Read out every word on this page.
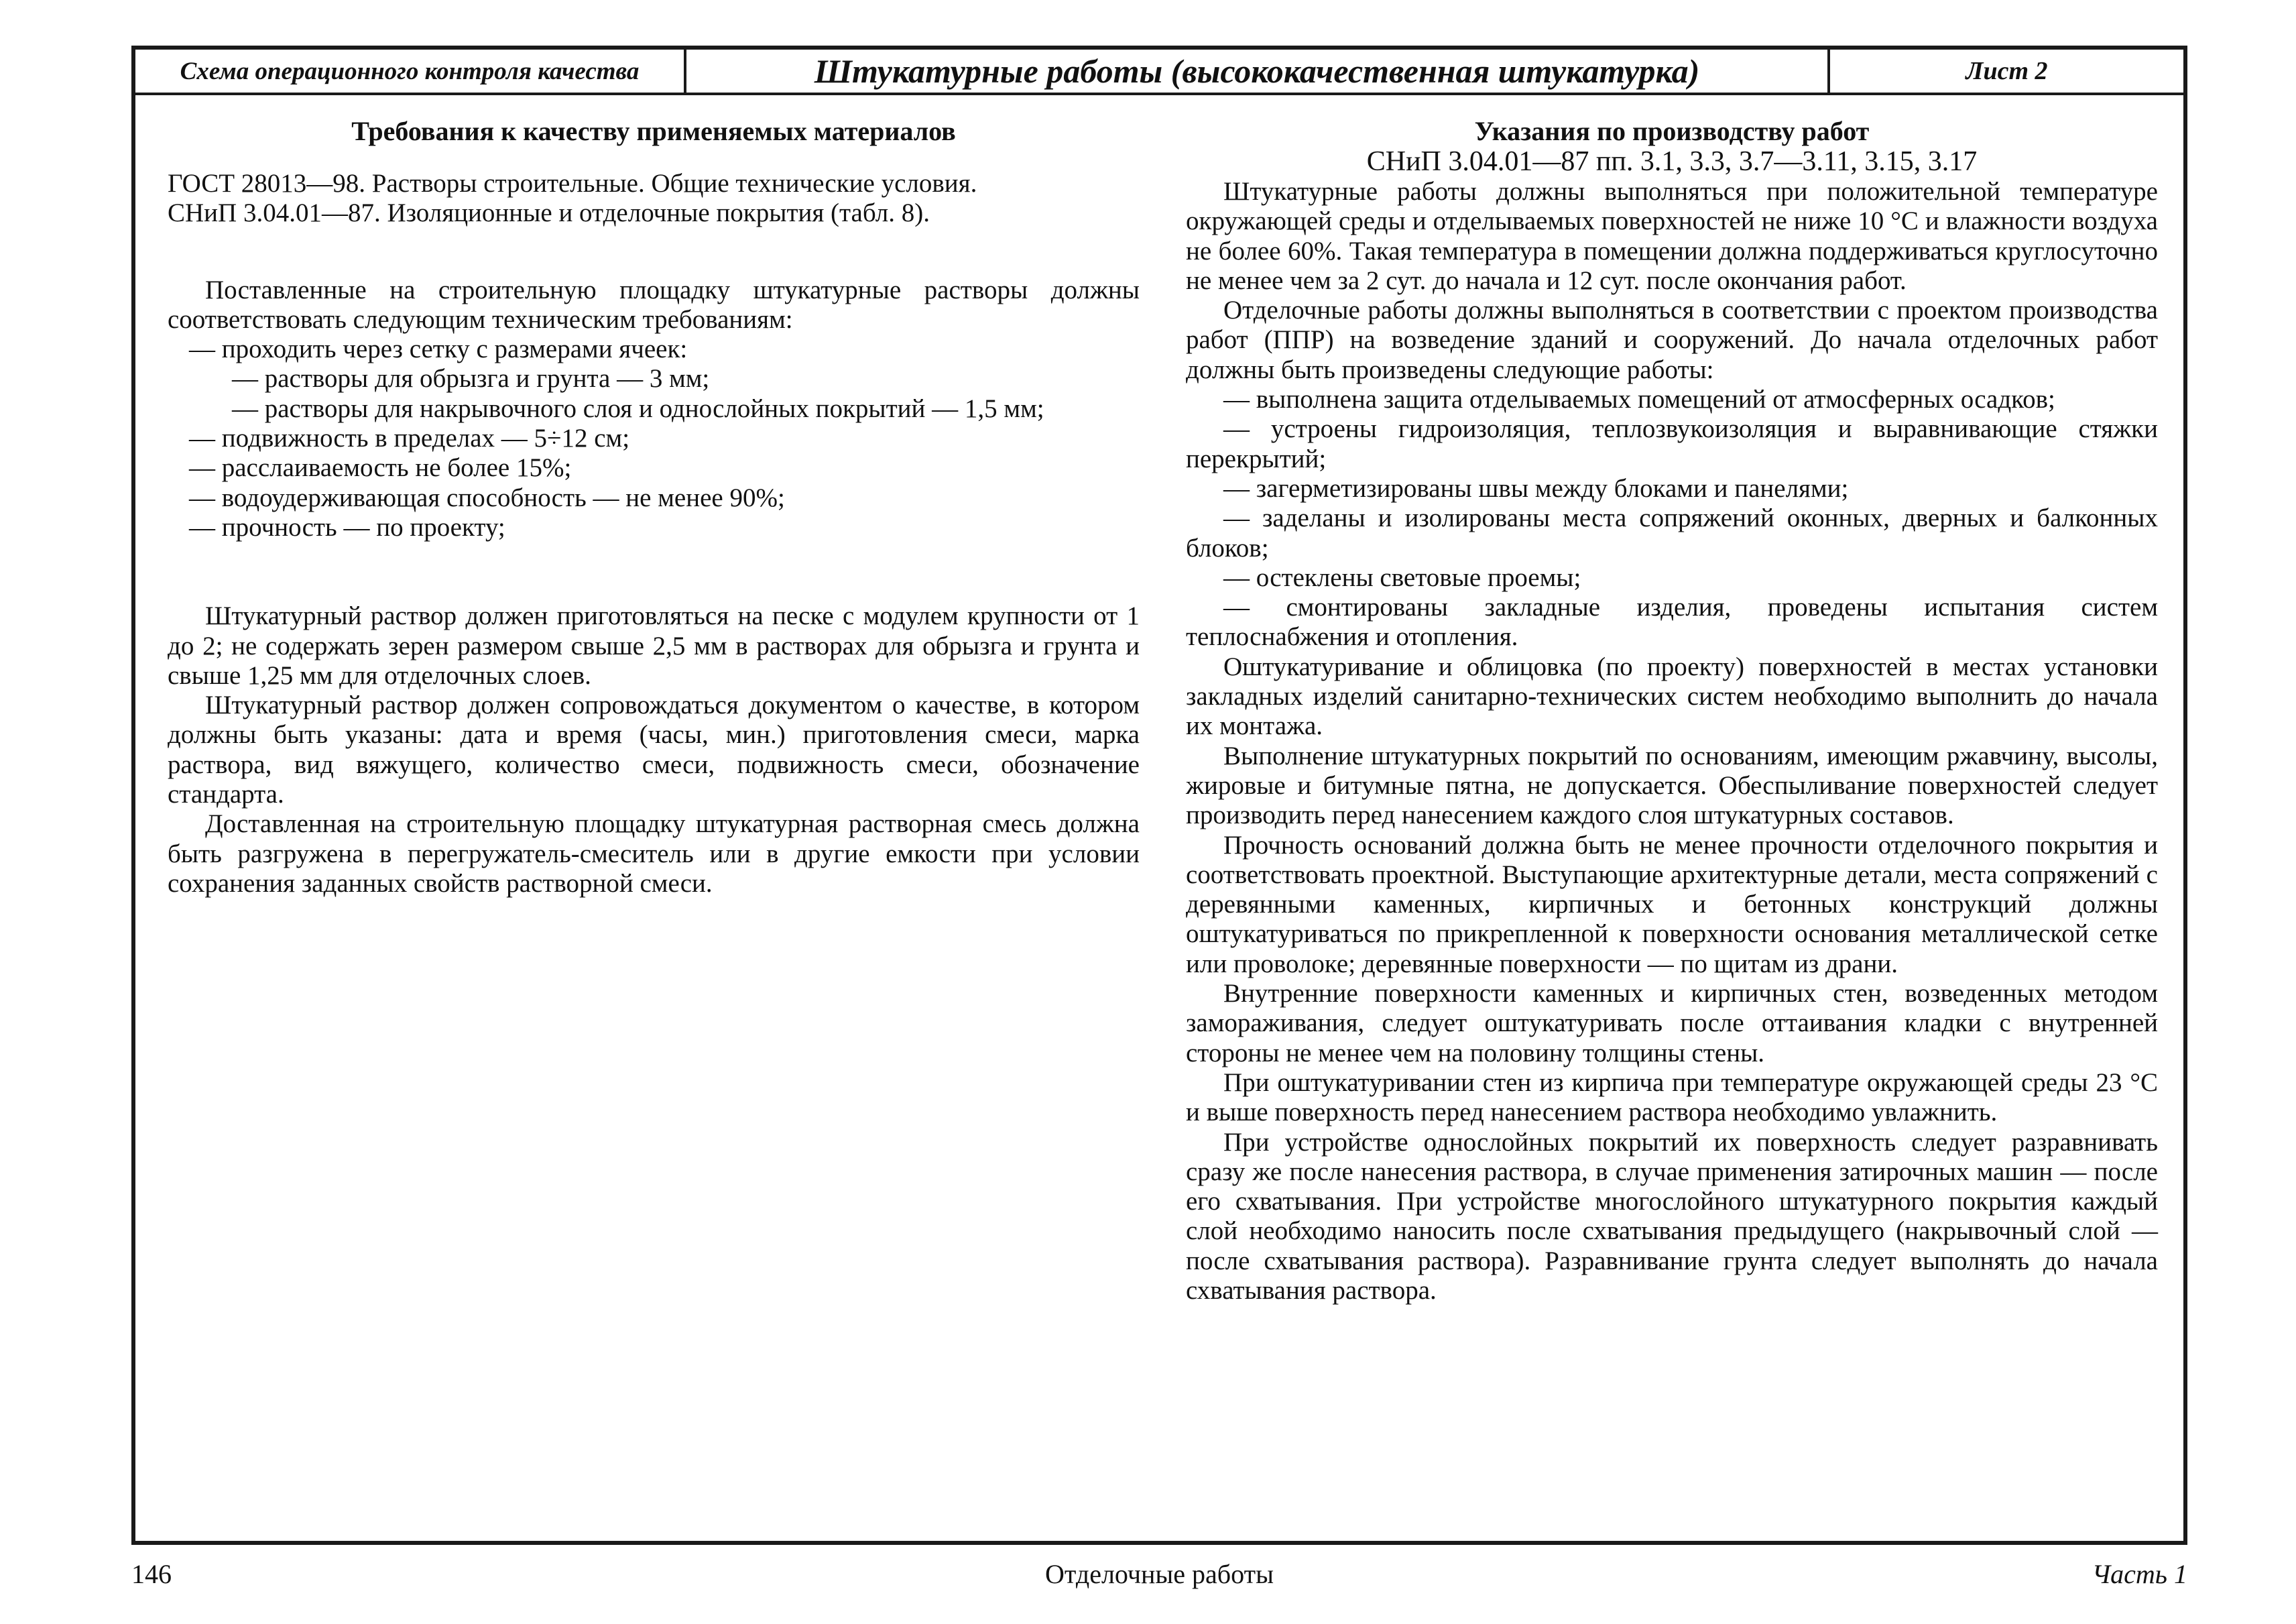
Схема операционного контроля качества	Штукатурные работы (высококачественная штукатурка)	Лист 2

Требования к качеству применяемых материалов

ГОСТ 28013—98. Растворы строительные. Общие технические условия.

СНиП 3.04.01—87. Изоляционные и отделочные покрытия (табл. 8).

Поставленные на строительную площадку штукатурные растворы должны соответствовать следующим техническим требованиям:

— проходить через сетку с размерами ячеек:
— растворы для обрызга и грунта — 3 мм;
— растворы для накрывочного слоя и однослойных покрытий — 1,5 мм;
— подвижность в пределах — 5÷12 см;
— расслаиваемость не более 15%;
— водоудерживающая способность — не менее 90%;
— прочность — по проекту;

Штукатурный раствор должен приготовляться на песке с модулем крупности от 1 до 2; не содержать зерен размером свыше 2,5 мм в растворах для обрызга и грунта и свыше 1,25 мм для отделочных слоев.

Штукатурный раствор должен сопровождаться документом о качестве, в котором должны быть указаны: дата и время (часы, мин.) приготовления смеси, марка раствора, вид вяжущего, количество смеси, подвижность смеси, обозначение стандарта.

Доставленная на строительную площадку штукатурная растворная смесь должна быть разгружена в перегружатель-смеситель или в другие емкости при условии сохранения заданных свойств растворной смеси.

Указания по производству работ

СНиП 3.04.01—87 пп. 3.1, 3.3, 3.7—3.11, 3.15, 3.17

Штукатурные работы должны выполняться при положительной температуре окружающей среды и отделываемых поверхностей не ниже 10 °С и влажности воздуха не более 60%. Такая температура в помещении должна поддерживаться круглосуточно не менее чем за 2 сут. до начала и 12 сут. после окончания работ.

Отделочные работы должны выполняться в соответствии с проектом производства работ (ППР) на возведение зданий и сооружений. До начала отделочных работ должны быть произведены следующие работы:

— выполнена защита отделываемых помещений от атмосферных осадков;
— устроены гидроизоляция, теплозвукоизоляция и выравнивающие стяжки перекрытий;
— загерметизированы швы между блоками и панелями;
— заделаны и изолированы места сопряжений оконных, дверных и балконных блоков;
— остеклены световые проемы;
— смонтированы закладные изделия, проведены испытания систем теплоснабжения и отопления.

Оштукатуривание и облицовка (по проекту) поверхностей в местах установки закладных изделий санитарно-технических систем необходимо выполнить до начала их монтажа.

Выполнение штукатурных покрытий по основаниям, имеющим ржавчину, высолы, жировые и битумные пятна, не допускается. Обеспыливание поверхностей следует производить перед нанесением каждого слоя штукатурных составов.

Прочность оснований должна быть не менее прочности отделочного покрытия и соответствовать проектной. Выступающие архитектурные детали, места сопряжений с деревянными каменных, кирпичных и бетонных конструкций должны оштукатуриваться по прикрепленной к поверхности основания металлической сетке или проволоке; деревянные поверхности — по щитам из драни.

Внутренние поверхности каменных и кирпичных стен, возведенных методом замораживания, следует оштукатуривать после оттаивания кладки с внутренней стороны не менее чем на половину толщины стены.

При оштукатуривании стен из кирпича при температуре окружающей среды 23 °С и выше поверхность перед нанесением раствора необходимо увлажнить.

При устройстве однослойных покрытий их поверхность следует разравнивать сразу же после нанесения раствора, в случае применения затирочных машин — после его схватывания. При устройстве многослойного штукатурного покрытия каждый слой необходимо наносить после схватывания предыдущего (накрывочный слой — после схватывания раствора). Разравнивание грунта следует выполнять до начала схватывания раствора.

146	Отделочные работы	Часть 1
